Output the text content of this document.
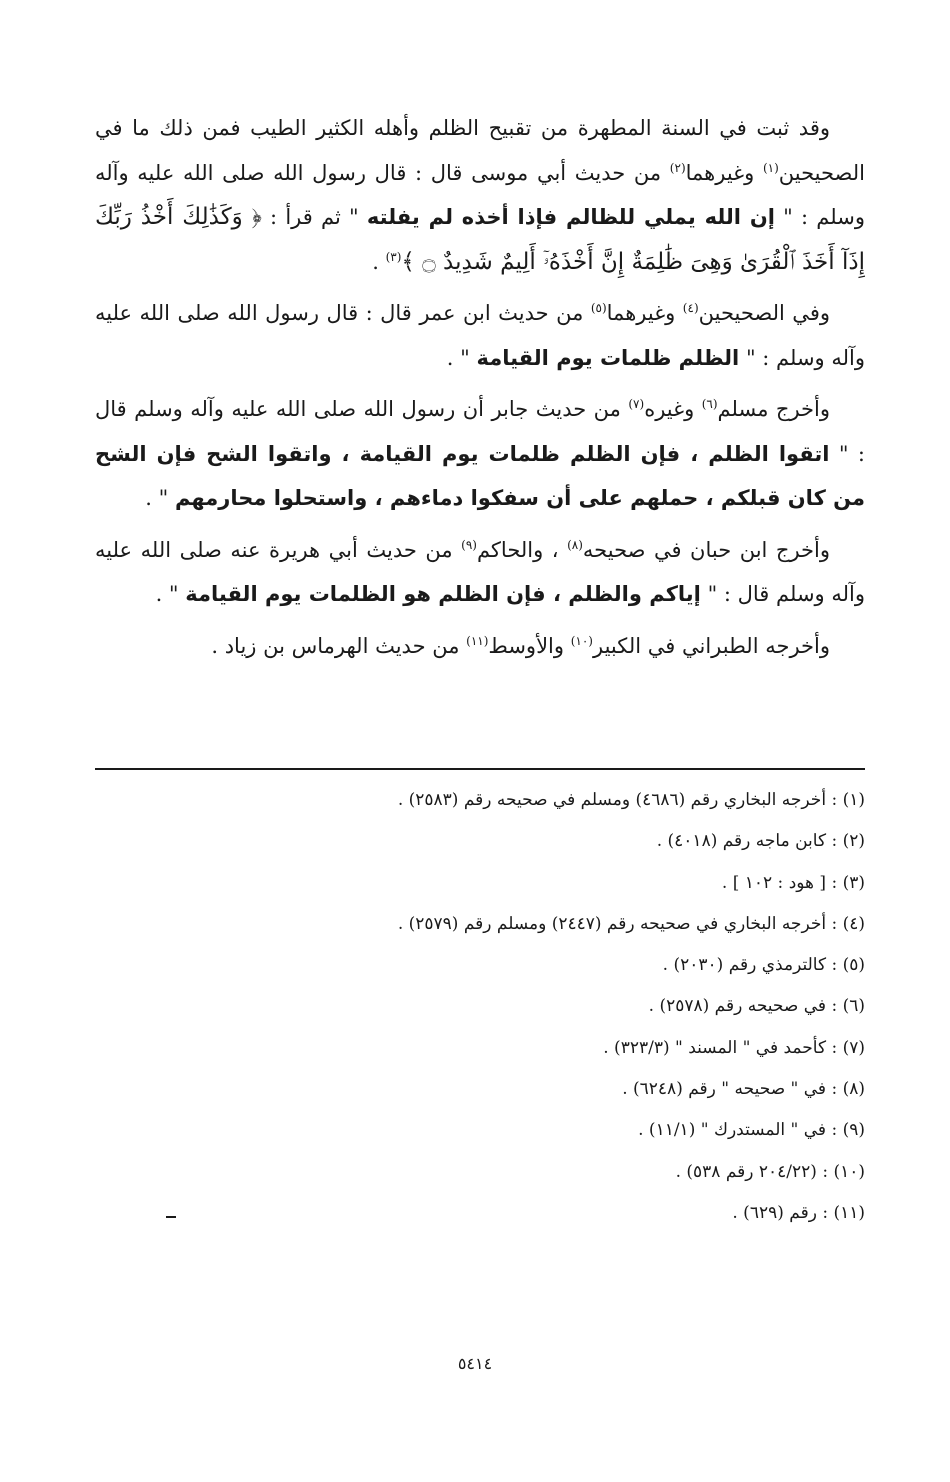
وقد ثبت في السنة المطهرة من تقبيح الظلم وأهله الكثير الطيب فمن ذلك ما في الصحيحين$^{(١)}$ وغيرهما$^{(٢)}$ من حديث أبي موسى قال : قال رسول الله صلى الله عليه وآله وسلم : " إن الله يملي للظالم فإذا أخذه لم يفلته " ثم قرأ : ﴿ وَكَذَٰلِكَ أَخْذُ رَبِّكَ إِذَآ أَخَذَ ٱلْقُرَىٰ وَهِىَ ظَٰلِمَةٌ إِنَّ أَخْذَهُۥٓ أَلِيمٌ شَدِيدٌ ۝ ﴾$^{(٣)}$ .

وفي الصحيحين$^{(٤)}$ وغيرهما$^{(٥)}$ من حديث ابن عمر قال : قال رسول الله صلى الله عليه وآله وسلم : " الظلم ظلمات يوم القيامة " .

وأخرج مسلم$^{(٦)}$ وغيره$^{(٧)}$ من حديث جابر أن رسول الله صلى الله عليه وآله وسلم قال : " اتقوا الظلم ، فإن الظلم ظلمات يوم القيامة ، واتقوا الشح فإن الشح من كان قبلكم ، حملهم على أن سفكوا دماءهم ، واستحلوا محارمهم " .

وأخرج ابن حبان في صحيحه$^{(٨)}$ ، والحاكم$^{(٩)}$ من حديث أبي هريرة عنه صلى الله عليه وآله وسلم قال : " إياكم والظلم ، فإن الظلم هو الظلمات يوم القيامة " .

وأخرجه الطبراني في الكبير$^{(١٠)}$ والأوسط$^{(١١)}$ من حديث الهرماس بن زياد .

(١) : أخرجه البخاري رقم (٤٦٨٦) ومسلم في صحيحه رقم (٢٥٨٣) .
(٢) : كابن ماجه رقم (٤٠١٨) .
(٣) : [ هود : ١٠٢ ] .
(٤) : أخرجه البخاري في صحيحه رقم (٢٤٤٧) ومسلم رقم (٢٥٧٩) .
(٥) : كالترمذي رقم (٢٠٣٠) .
(٦) : في صحيحه رقم (٢٥٧٨) .
(٧) : كأحمد في " المسند " (٣٢٣/٣) .
(٨) : في " صحيحه " رقم (٦٢٤٨) .
(٩) : في " المستدرك " (١١/١) .
(١٠) : (٢٠٤/٢٢ رقم ٥٣٨) .
(١١) : رقم (٦٢٩) .
٥٤١٤
